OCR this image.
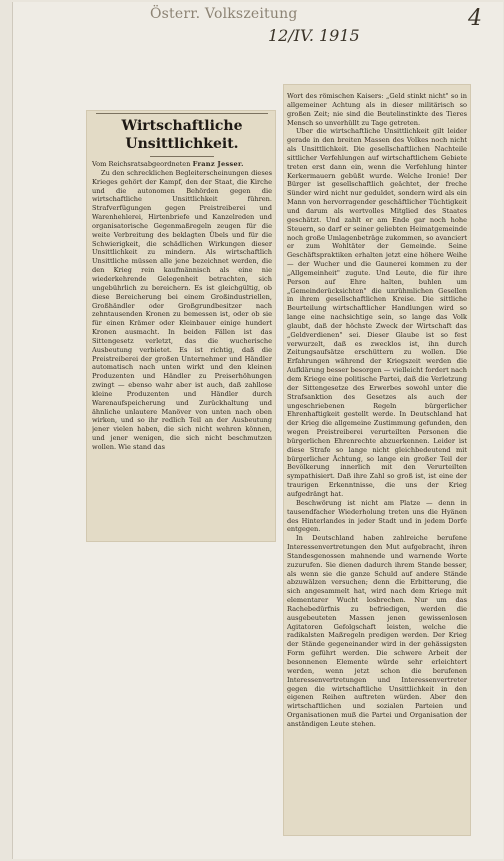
Österr. Volkszeitung
12/IV. 1915
4
Wirtschaftliche Unsittlichkeit.

Vom Reichsratsabgeordneten Franz Jesser.

Zu den schrecklichen Begleiterscheinungen dieses Krieges gehört der Kampf, den der Staat, die Kirche und die autonomen Behörden gegen die wirtschaftliche Unsittlichkeit führen. Strafverfügungen gegen Preistreiberei und Warenhehlerei, Hirtenbriefe und Kanzelreden und organisatorische Gegenmaßregeln zeugen für die weite Verbreitung des beklagten Übels und für die Schwierigkeit, die schädlichen Wirkungen dieser Unsittlichkeit zu mindern. Als wirtschaftlich Unsittliche müssen alle jene bezeichnet werden, die den Krieg rein kaufmännisch als eine nie wiederkehrende Gelegenheit betrachten, sich ungebührlich zu bereichern. Es ist gleichgültig, ob diese Bereicherung bei einem Großindustriellen, Großhändler oder Großgrundbesitzer nach zehntausenden Kronen zu bemessen ist, oder ob sie für einen Krämer oder Kleinbauer einige hundert Kronen ausmacht. In beiden Fällen ist das Sittengesetz verletzt, das die wucherische Ausbeutung verbietet. Es ist richtig, daß die Preistreiberei der großen Unternehmer und Händler automatisch nach unten wirkt und den kleinen Produzenten und Händler zu Preiserhöhungen zwingt — ebenso wahr aber ist auch, daß zahllose kleine Produzenten und Händler durch Warenaufspeicherung und Zurückhaltung und ähnliche unlautere Manöver von unten nach oben wirken, und so ihr redlich Teil an der Ausbeutung jener vielen haben, die sich nicht wehren können, und jener wenigen, die sich nicht beschmutzen wollen. Wie stand das

Wort des römischen Kaisers: „Geld stinkt nicht" so in allgemeiner Achtung als in dieser militärisch so großen Zeit; nie sind die Beutelinstinkte des Tieres Mensch so unverhüllt zu Tage getreten.

Uber die wirtschaftliche Unsittlichkeit gilt leider gerade in den breiten Massen des Volkes noch nicht als Unsittlichkeit. Die gesellschaftlichen Nachteile sittlicher Verfehlungen auf wirtschaftlichem Gebiete treten erst dann ein, wenn die Verfehlung hinter Kerkermauern gebüßt wurde. Welche Ironie! Der Bürger ist gesellschaftlich geächtet, der freche Sünder wird nicht nur geduldet, sondern wird als ein Mann von hervorragender geschäftlicher Tüchtigkeit und darum als wertvolles Mitglied des Staates geschätzt. Und zahlt er am Ende gar noch hohe Steuern, so darf er seiner geliebten Heimatgemeinde noch große Umlagenbeträge zukommen, so avanciert er zum Wohltäter der Gemeinde. Seine Geschäftspraktiken erhalten jetzt eine höhere Weihe — der Wucher und die Gaunerei kommen zu der „Allgemeinheit" zugute. Und Leute, die für ihre Person auf Ehre halten, buhlen um „Gemeinderücksichten" die unrühmlichen Gesellen in ihrem gesellschaftlichen Kreise. Die sittliche Beurteilung wirtschaftlicher Handlungen wird so lange eine nachsichtige sein, so lange das Volk glaubt, daß der höchste Zweck der Wirtschaft das „Geldverdienen" sei. Dieser Glaube ist so fest verwurzelt, daß es zwecklos ist, ihn durch Zeitungsaufsätze erschüttern zu wollen. Die Erfahrungen während der Kriegszeit werden die Aufklärung besser besorgen — vielleicht fordert nach dem Kriege eine politische Partei, daß die Verletzung der Sittengesetze des Erwerbes sowohl unter die Strafsanktion des Gesetzes als auch der ungeschriebenen Regeln bürgerlicher Ehrenhaftigkeit gestellt werde. In Deutschland hat der Krieg die allgemeine Zustimmung gefunden, den wegen Preistreiberei verurteilten Personen die bürgerlichen Ehrenrechte abzuerkennen. Leider ist diese Strafe so lange nicht gleichbedeutend mit bürgerlicher Ächtung, so lange ein großer Teil der Bevölkerung innerlich mit den Verurteilten sympathisiert. Daß ihre Zahl so groß ist, ist eine der traurigen Erkenntnisse, die uns der Krieg aufgedrängt hat.

Beschwörung ist nicht am Platze — denn in tausendfacher Wiederholung treten uns die Hyänen des Hinterlandes in jeder Stadt und in jedem Dorfe entgegen.

In Deutschland haben zahlreiche berufene Interessenvertretungen den Mut aufgebracht, ihren Standesgenossen mahnende und warnende Worte zuzurufen. Sie dienen dadurch ihrem Stande besser, als wenn sie die ganze Schuld auf andere Stände abzuwälzen versuchen; denn die Erbitterung, die sich angesammelt hat, wird nach dem Kriege mit elementarer Wucht losbrechen. Nur um das Rachebedürfnis zu befriedigen, werden die ausgebeuteten Massen jenen gewissenlosen Agitatoren Gefolgschaft leisten, welche die radikalsten Maßregeln predigen werden. Der Krieg der Stände gegeneinander wird in der gehässigsten Form geführt werden. Die schwere Arbeit der besonnenen Elemente würde sehr erleichtert werden, wenn jetzt schon die berufenen Interessenvertretungen und Interessenvertreter gegen die wirtschaftliche Unsittlichkeit in den eigenen Reihen auftreten würden. Aber den wirtschaftlichen und sozialen Parteien und Organisationen muß die Partei und Organisation der anständigen Leute stehen.
